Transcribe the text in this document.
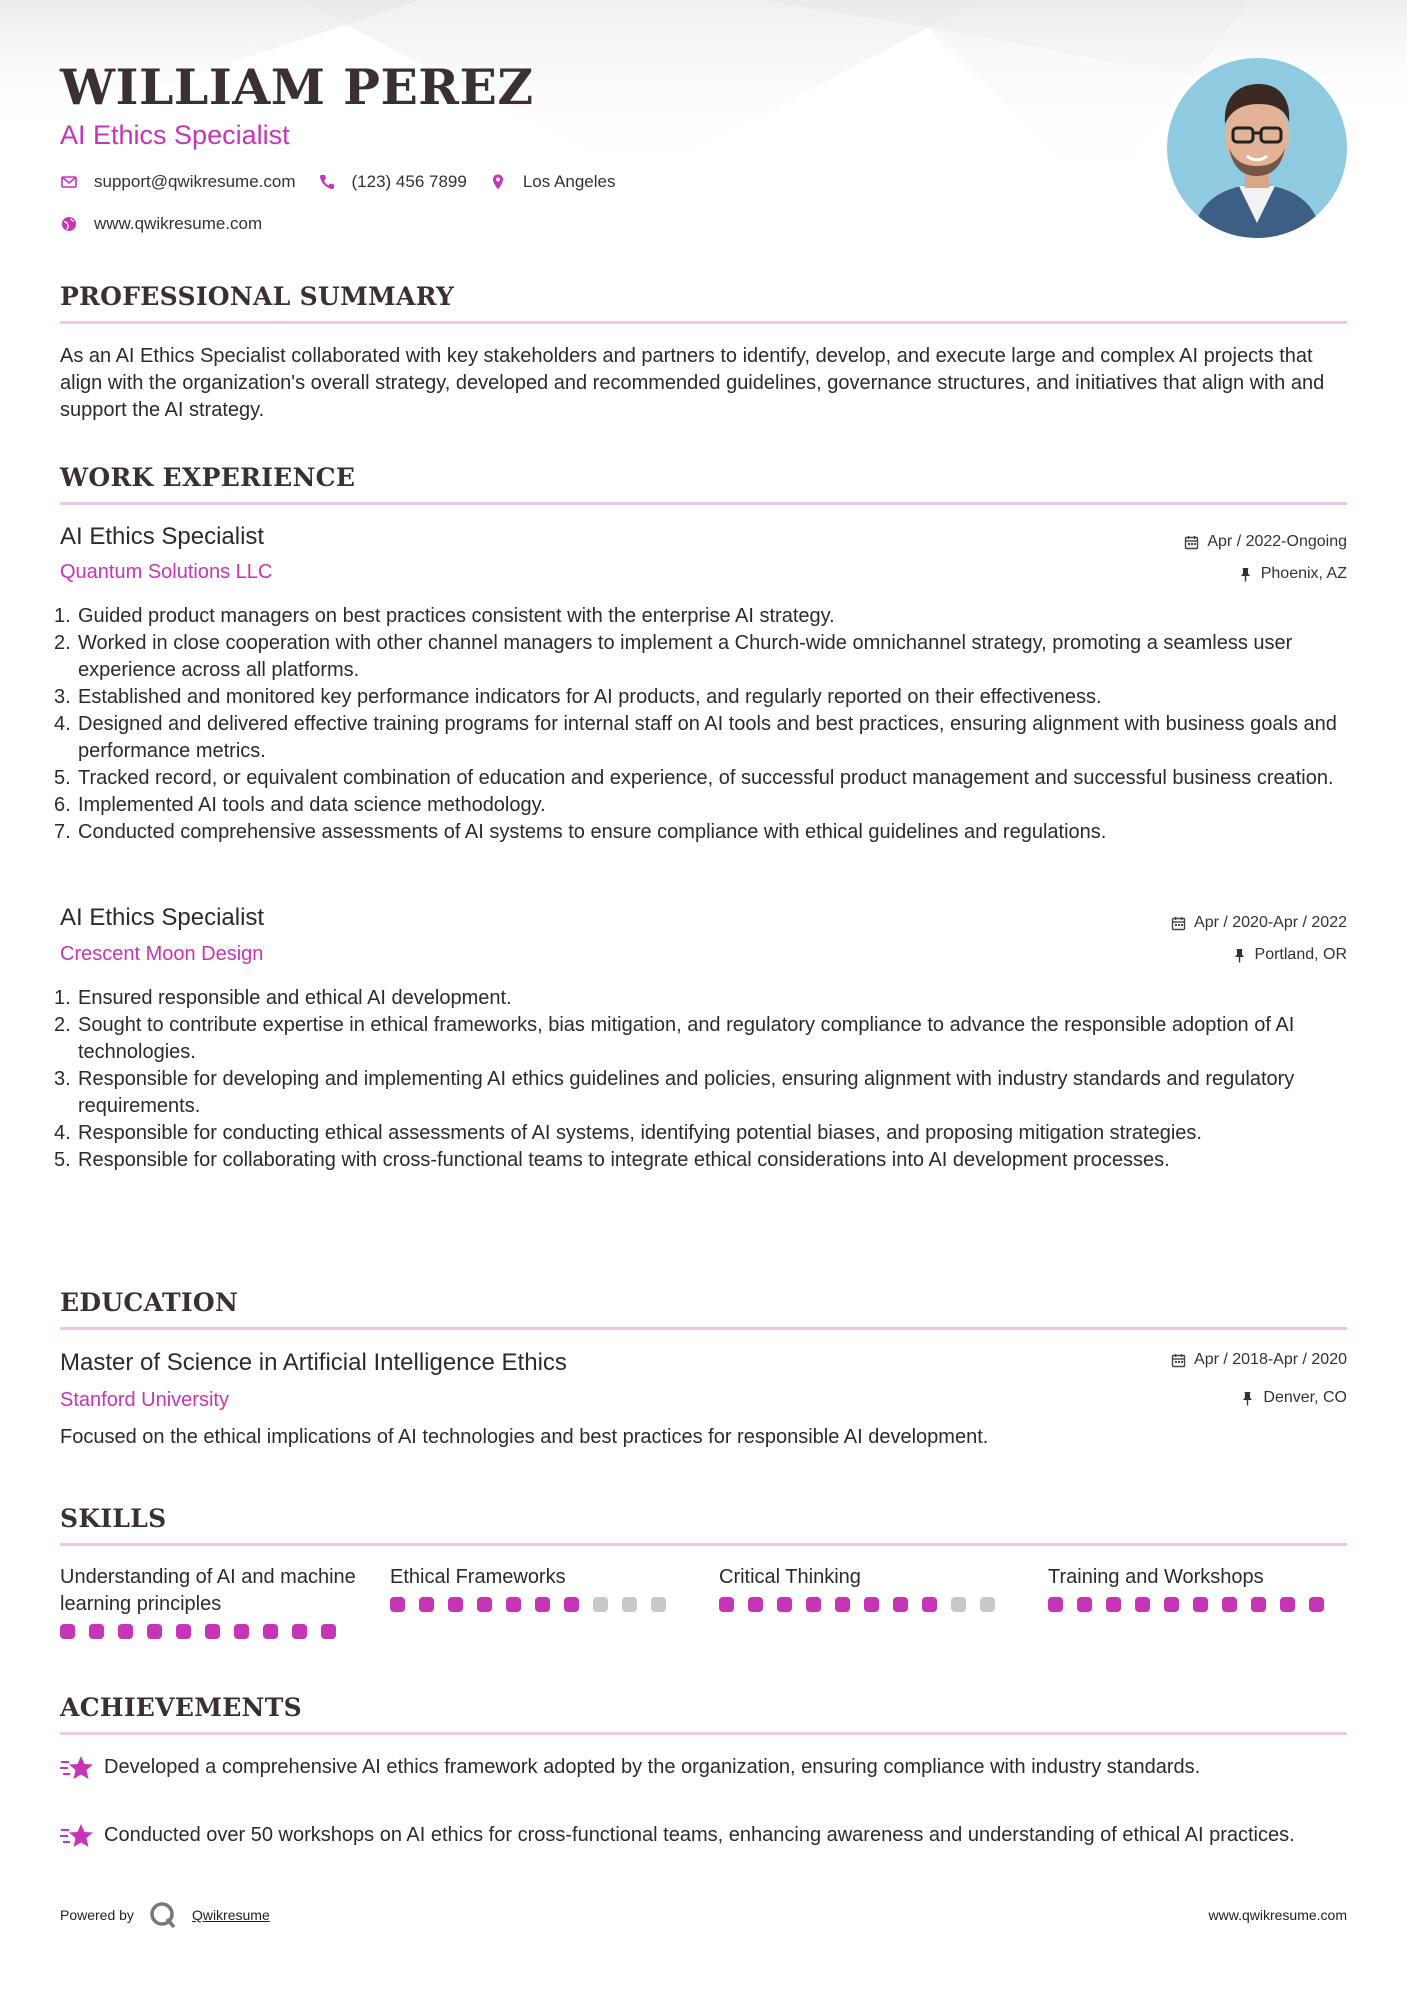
WILLIAM PEREZ
AI Ethics Specialist
support@qwikresume.com	(123) 456 7899	Los Angeles
www.qwikresume.com
PROFESSIONAL SUMMARY
As an AI Ethics Specialist collaborated with key stakeholders and partners to identify, develop, and execute large and complex AI projects that align with the organization's overall strategy, developed and recommended guidelines, governance structures, and initiatives that align with and support the AI strategy.
WORK EXPERIENCE
AI Ethics Specialist
Quantum Solutions LLC
Apr / 2022-Ongoing
Phoenix, AZ
1. Guided product managers on best practices consistent with the enterprise AI strategy.
2. Worked in close cooperation with other channel managers to implement a Church-wide omnichannel strategy, promoting a seamless user experience across all platforms.
3. Established and monitored key performance indicators for AI products, and regularly reported on their effectiveness.
4. Designed and delivered effective training programs for internal staff on AI tools and best practices, ensuring alignment with business goals and performance metrics.
5. Tracked record, or equivalent combination of education and experience, of successful product management and successful business creation.
6. Implemented AI tools and data science methodology.
7. Conducted comprehensive assessments of AI systems to ensure compliance with ethical guidelines and regulations.
AI Ethics Specialist
Crescent Moon Design
Apr / 2020-Apr / 2022
Portland, OR
1. Ensured responsible and ethical AI development.
2. Sought to contribute expertise in ethical frameworks, bias mitigation, and regulatory compliance to advance the responsible adoption of AI technologies.
3. Responsible for developing and implementing AI ethics guidelines and policies, ensuring alignment with industry standards and regulatory requirements.
4. Responsible for conducting ethical assessments of AI systems, identifying potential biases, and proposing mitigation strategies.
5. Responsible for collaborating with cross-functional teams to integrate ethical considerations into AI development processes.
EDUCATION
Master of Science in Artificial Intelligence Ethics
Stanford University
Apr / 2018-Apr / 2020
Denver, CO
Focused on the ethical implications of AI technologies and best practices for responsible AI development.
SKILLS
Understanding of AI and machine learning principles
Ethical Frameworks	Critical Thinking	Training and Workshops
ACHIEVEMENTS
Developed a comprehensive AI ethics framework adopted by the organization, ensuring compliance with industry standards.
Conducted over 50 workshops on AI ethics for cross-functional teams, enhancing awareness and understanding of ethical AI practices.
Powered by	Qwikresume	www.qwikresume.com
